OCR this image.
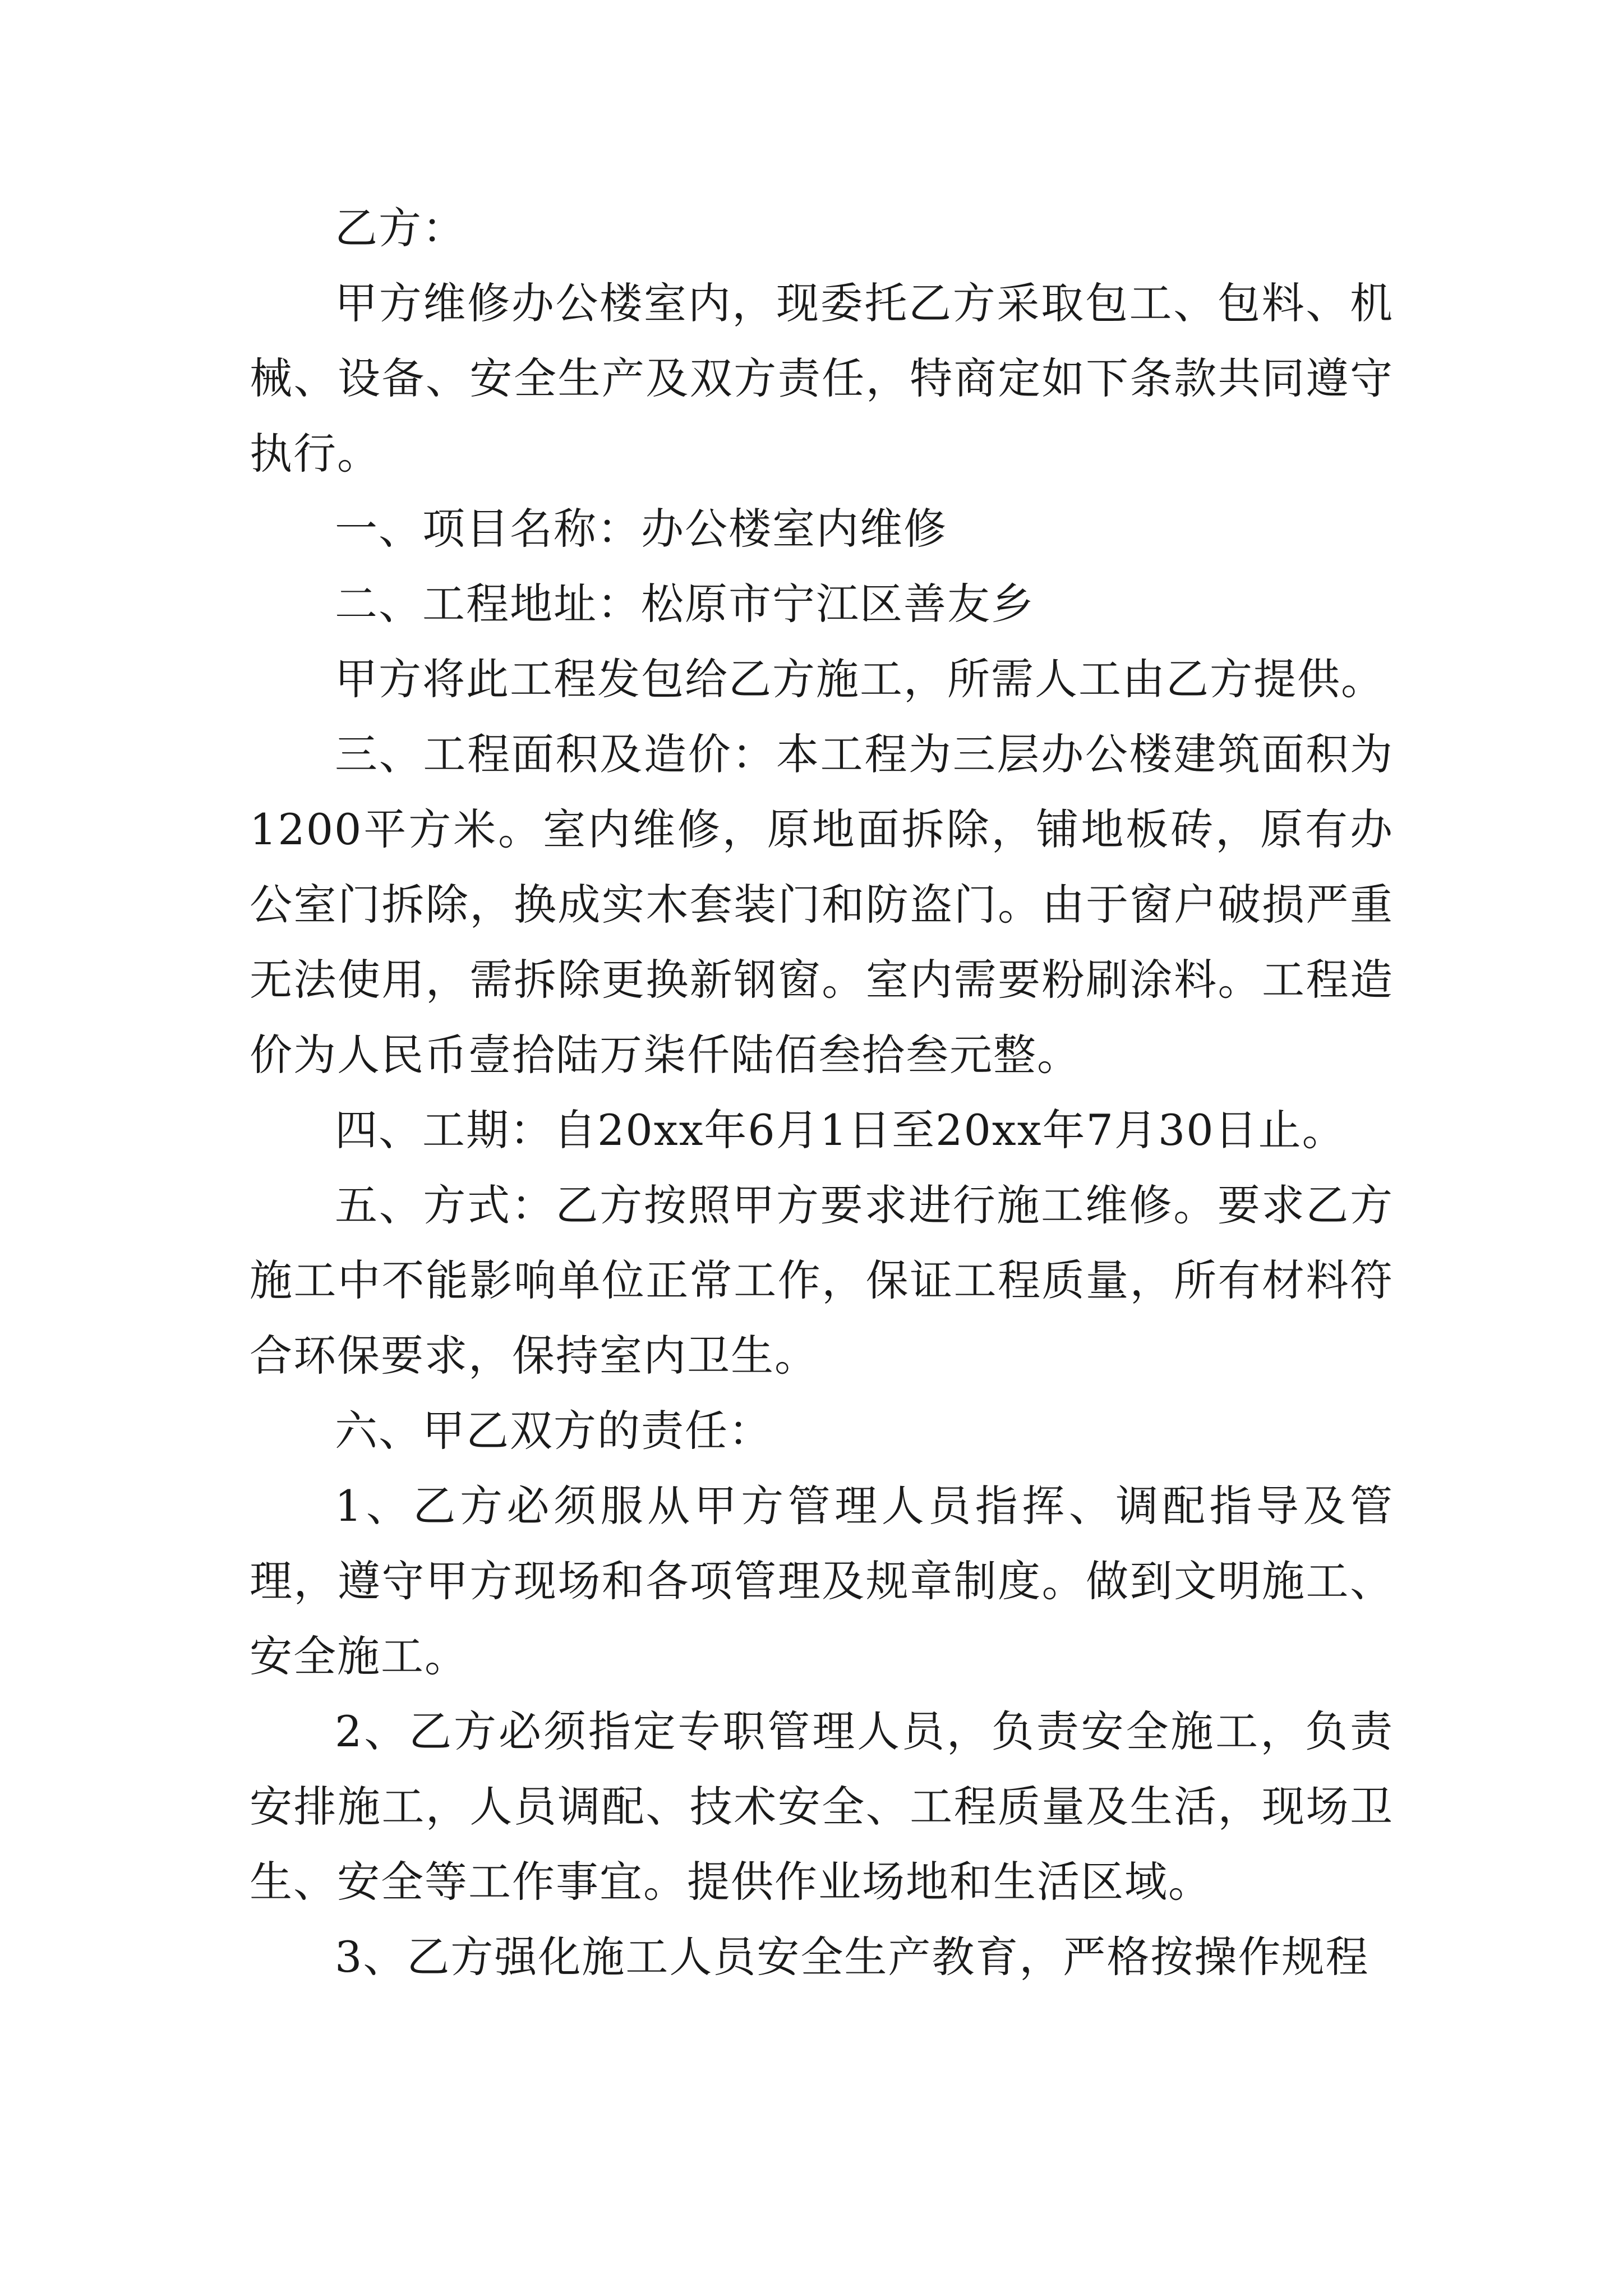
乙方：

甲方维修办公楼室内，现委托乙方采取包工、包料、机械、设备、安全生产及双方责任，特商定如下条款共同遵守执行。

一、项目名称：办公楼室内维修

二、工程地址：松原市宁江区善友乡

甲方将此工程发包给乙方施工，所需人工由乙方提供。

三、工程面积及造价：本工程为三层办公楼建筑面积为1200平方米。室内维修，原地面拆除，铺地板砖，原有办公室门拆除，换成实木套装门和防盗门。由于窗户破损严重无法使用，需拆除更换新钢窗。室内需要粉刷涂料。工程造价为人民币壹拾陆万柒仟陆佰叁拾叁元整。

四、工期：自20xx年6月1日至20xx年7月30日止。

五、方式：乙方按照甲方要求进行施工维修。要求乙方施工中不能影响单位正常工作，保证工程质量，所有材料符合环保要求，保持室内卫生。

六、甲乙双方的责任：

1、乙方必须服从甲方管理人员指挥、调配指导及管理，遵守甲方现场和各项管理及规章制度。做到文明施工、安全施工。

2、乙方必须指定专职管理人员，负责安全施工，负责安排施工，人员调配、技术安全、工程质量及生活，现场卫生、安全等工作事宜。提供作业场地和生活区域。

3、乙方强化施工人员安全生产教育，严格按操作规程
